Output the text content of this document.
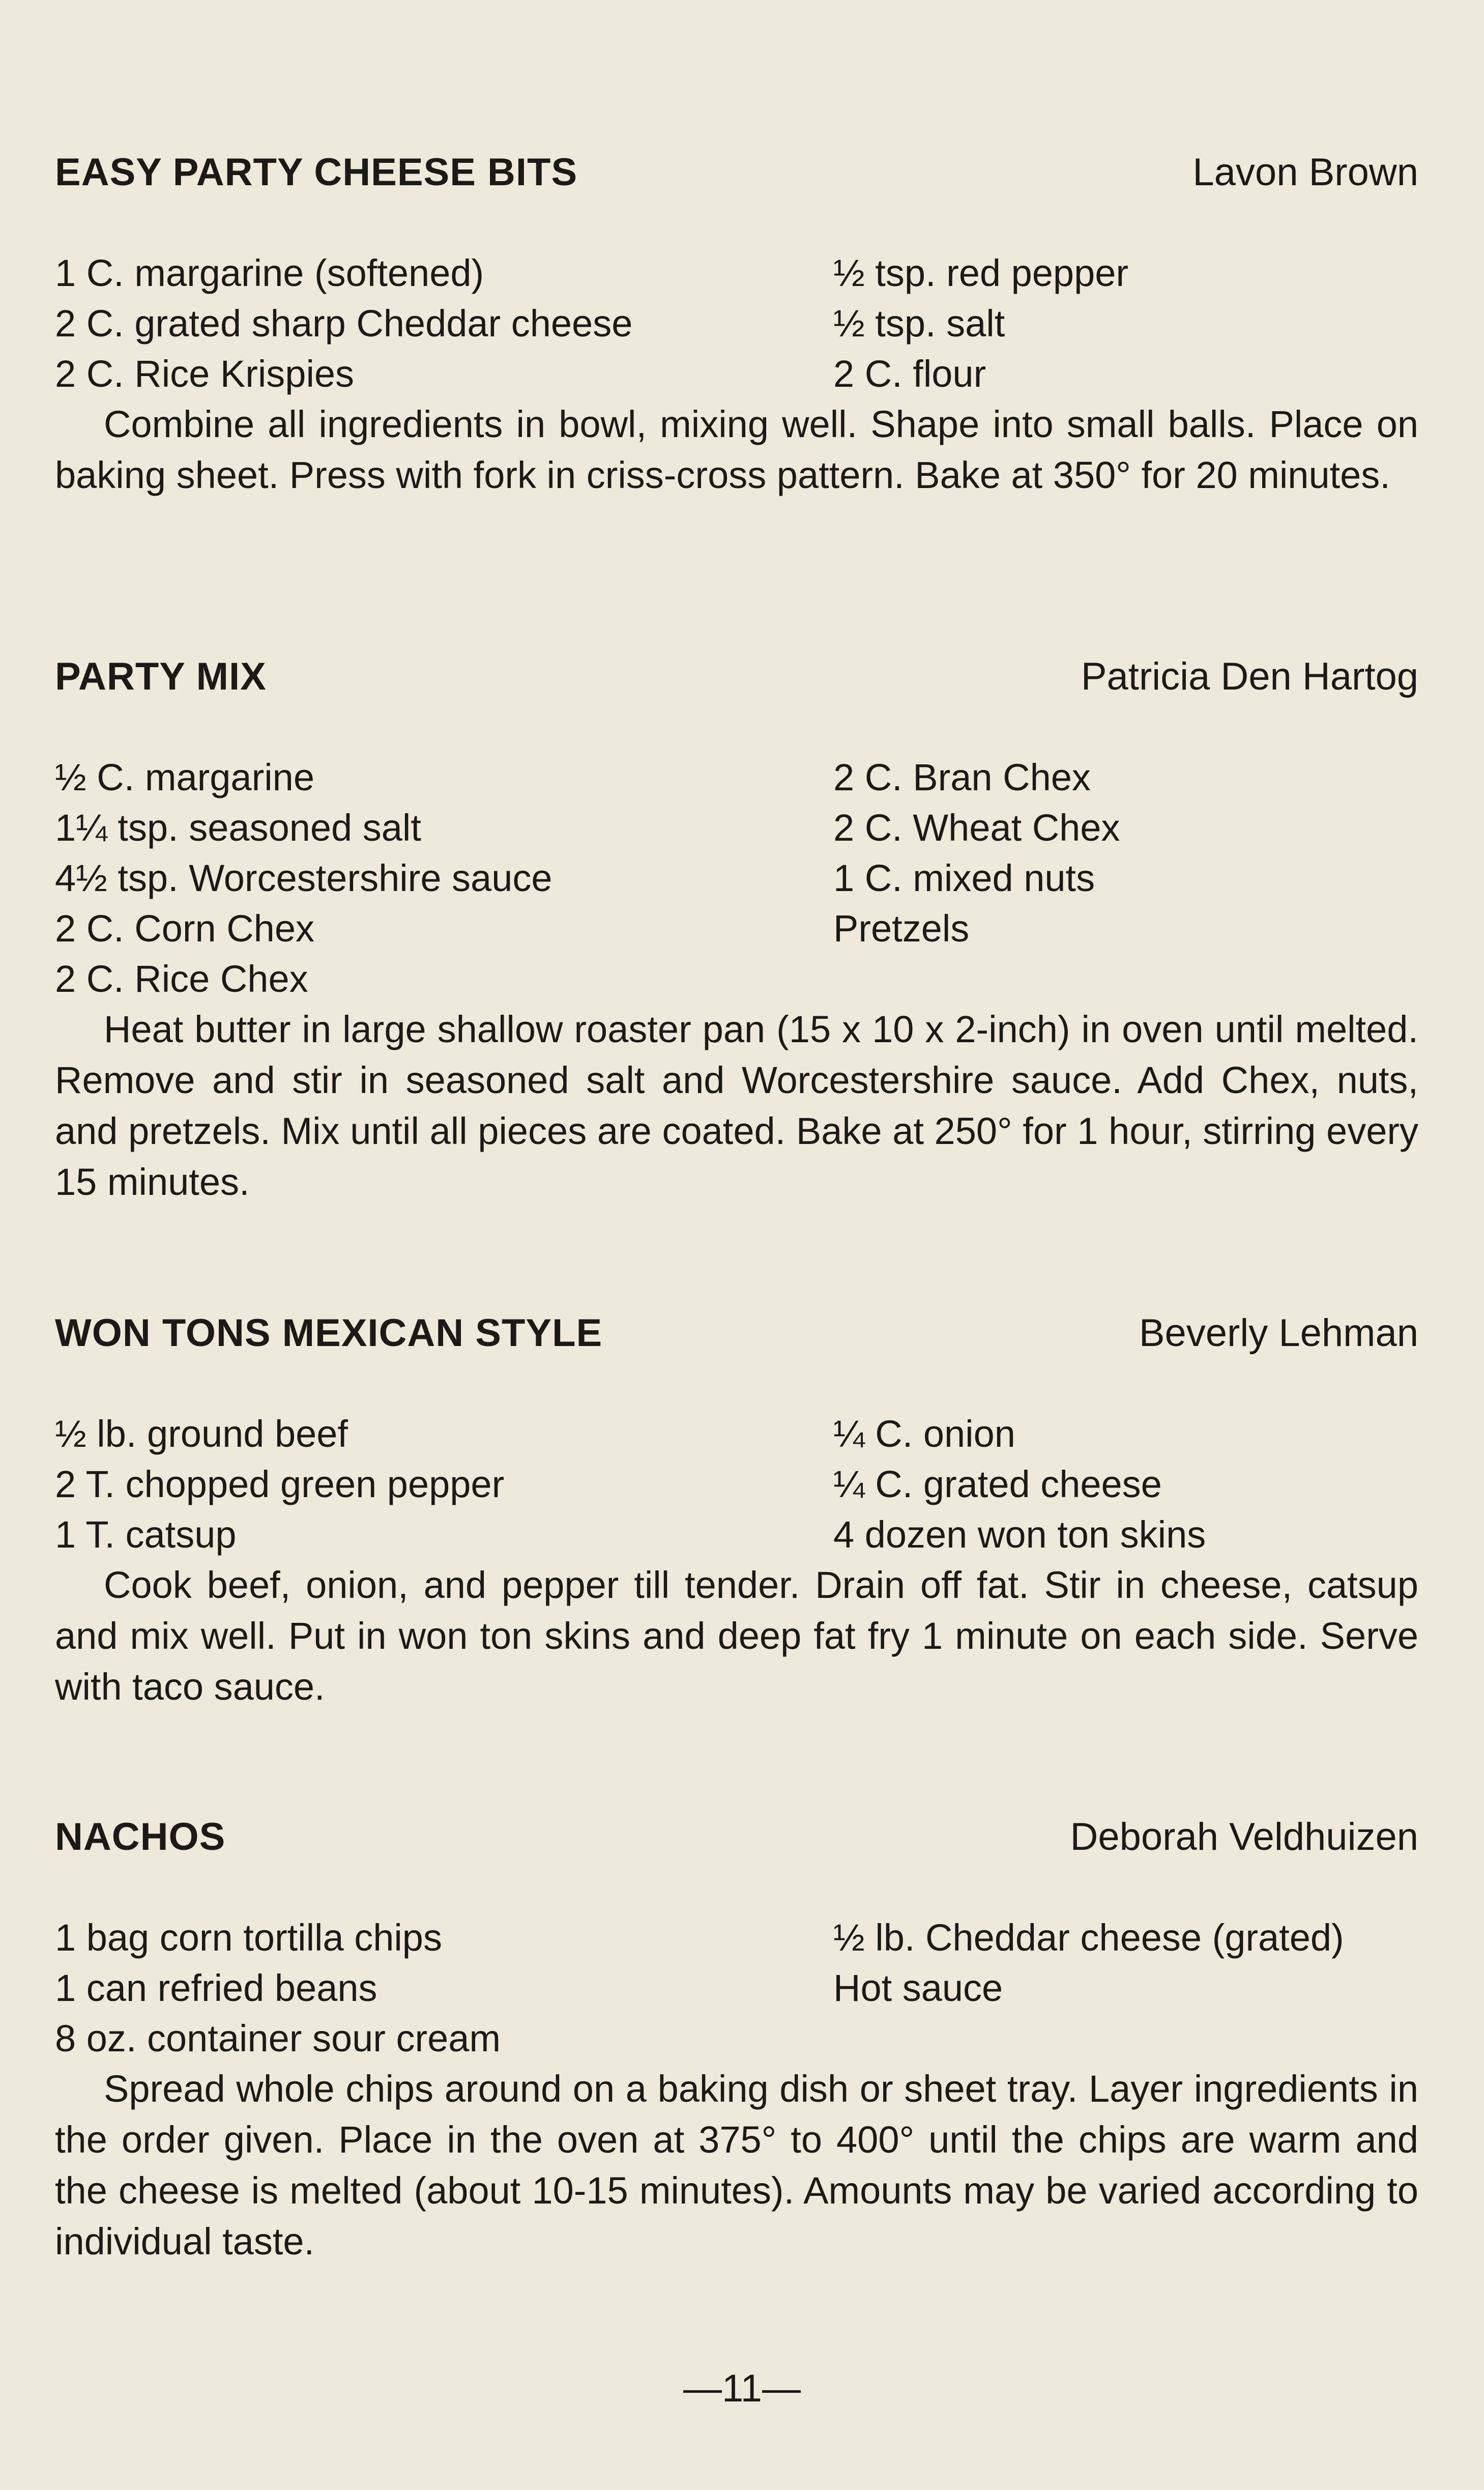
EASY PARTY CHEESE BITS	Lavon Brown
1 C. margarine (softened)	½ tsp. red pepper
2 C. grated sharp Cheddar cheese	½ tsp. salt
2 C. Rice Krispies	2 C. flour

Combine all ingredients in bowl, mixing well. Shape into small balls. Place on baking sheet. Press with fork in criss-cross pattern. Bake at 350° for 20 minutes.

PARTY MIX	Patricia Den Hartog
½ C. margarine	2 C. Bran Chex
1¼ tsp. seasoned salt	2 C. Wheat Chex
4½ tsp. Worcestershire sauce	1 C. mixed nuts
2 C. Corn Chex	Pretzels
2 C. Rice Chex

Heat butter in large shallow roaster pan (15 x 10 x 2-inch) in oven until melted. Remove and stir in seasoned salt and Worcestershire sauce. Add Chex, nuts, and pretzels. Mix until all pieces are coated. Bake at 250° for 1 hour, stirring every 15 minutes.

WON TONS MEXICAN STYLE	Beverly Lehman
½ lb. ground beef	¼ C. onion
2 T. chopped green pepper	¼ C. grated cheese
1 T. catsup	4 dozen won ton skins

Cook beef, onion, and pepper till tender. Drain off fat. Stir in cheese, catsup and mix well. Put in won ton skins and deep fat fry 1 minute on each side. Serve with taco sauce.

NACHOS	Deborah Veldhuizen
1 bag corn tortilla chips	½ lb. Cheddar cheese (grated)
1 can refried beans	Hot sauce
8 oz. container sour cream

Spread whole chips around on a baking dish or sheet tray. Layer ingredients in the order given. Place in the oven at 375° to 400° until the chips are warm and the cheese is melted (about 10-15 minutes). Amounts may be varied according to individual taste.

—11—
